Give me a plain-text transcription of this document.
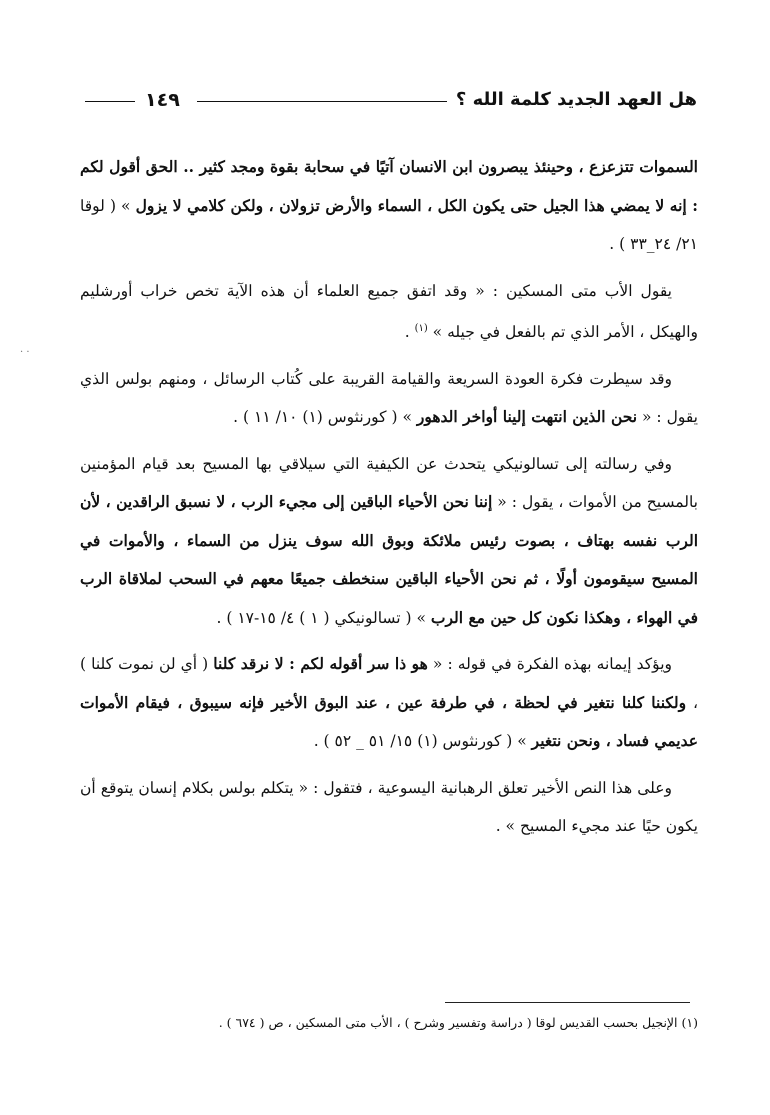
هل العهد الجديد كلمة الله ؟
١٤٩
· ·

السموات تتزعزع ، وحينئذ يبصرون ابن الانسان آتيًا في سحابة بقوة ومجد كثير .. الحق أقول لكم : إنه لا يمضي هذا الجيل حتى يكون الكل ، السماء والأرض تزولان ، ولكن كلامي لا يزول » ( لوقا ٢١/ ٢٤_٣٣ ) .

يقول الأب متى المسكين : « وقد اتفق جميع العلماء أن هذه الآية تخص خراب أورشليم والهيكل ، الأمر الذي تم بالفعل في جيله » $^{(١)}$ .

وقد سيطرت فكرة العودة السريعة والقيامة القريبة على كُتاب الرسائل ، ومنهم بولس الذي يقول : « نحن الذين انتهت إلينا أواخر الدهور » ( كورنثوس (١) ١٠/ ١١ ) .

وفي رسالته إلى تسالونيكي يتحدث عن الكيفية التي سيلاقي بها المسيح بعد قيام المؤمنين بالمسيح من الأموات ، يقول : « إننا نحن الأحياء الباقين إلى مجيء الرب ، لا نسبق الراقدين ، لأن الرب نفسه بهتاف ، بصوت رئيس ملائكة وبوق الله سوف ينزل من السماء ، والأموات في المسيح سيقومون أولًا ، ثم نحن الأحياء الباقين سنخطف جميعًا معهم في السحب لملاقاة الرب في الهواء ، وهكذا نكون كل حين مع الرب » ( تسالونيكي ( ١ ) ٤/ ١٥-١٧ ) .

ويؤكد إيمانه بهذه الفكرة في قوله : « هو ذا سر أقوله لكم : لا نرقد كلنا ( أي لن نموت كلنا ) ، ولكننا كلنا نتغير في لحظة ، في طرفة عين ، عند البوق الأخير فإنه سيبوق ، فيقام الأموات عديمي فساد ، ونحن نتغير » ( كورنثوس (١) ١٥/ ٥١ _ ٥٢ ) .

وعلى هذا النص الأخير تعلق الرهبانية اليسوعية ، فتقول : « يتكلم بولس بكلام إنسان يتوقع أن يكون حيًا عند مجيء المسيح » .

(١) الإنجيل بحسب القديس لوقا ( دراسة وتفسير وشرح ) ، الأب متى المسكين ، ص ( ٦٧٤ ) .
